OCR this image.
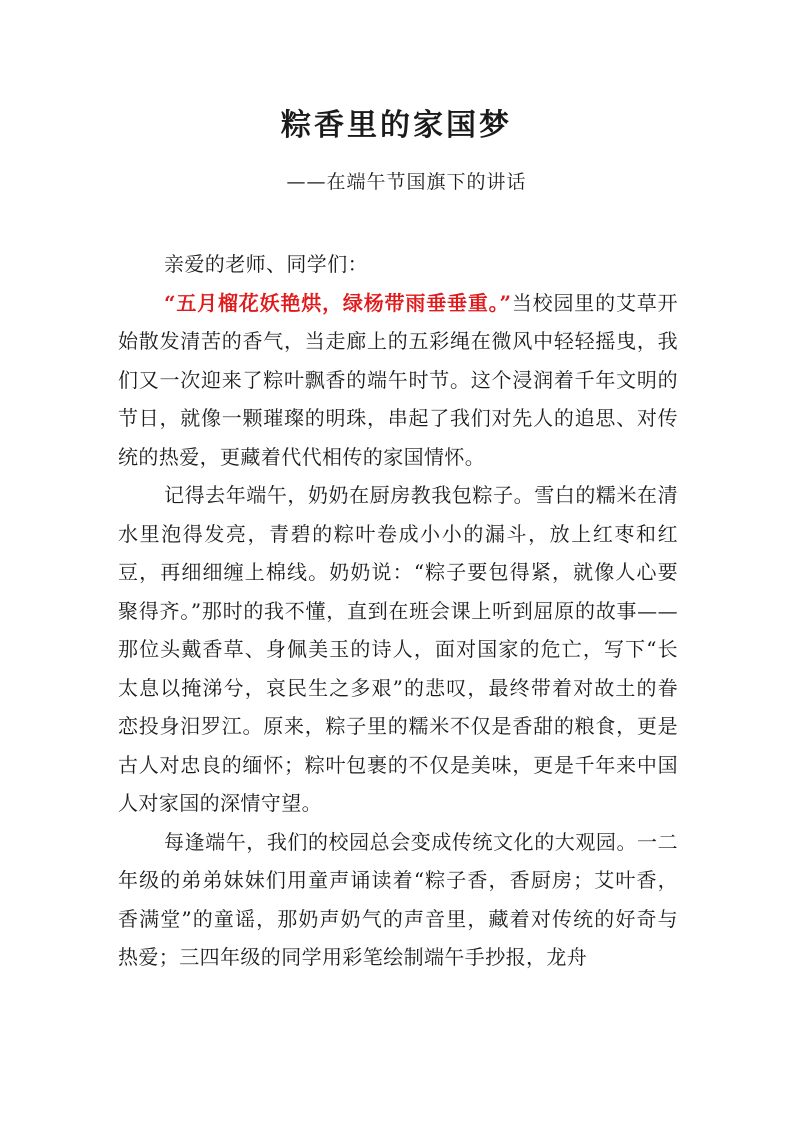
粽香里的家国梦
——在端午节国旗下的讲话

亲爱的老师、同学们：

“五月榴花妖艳烘，绿杨带雨垂垂重。”当校园里的艾草开始散发清苦的香气，当走廊上的五彩绳在微风中轻轻摇曳，我们又一次迎来了粽叶飘香的端午时节。这个浸润着千年文明的节日，就像一颗璀璨的明珠，串起了我们对先人的追思、对传统的热爱，更藏着代代相传的家国情怀。

记得去年端午，奶奶在厨房教我包粽子。雪白的糯米在清水里泡得发亮，青碧的粽叶卷成小小的漏斗，放上红枣和红豆，再细细缠上棉线。奶奶说：“粽子要包得紧，就像人心要聚得齐。”那时的我不懂，直到在班会课上听到屈原的故事——那位头戴香草、身佩美玉的诗人，面对国家的危亡，写下“长太息以掩涕兮，哀民生之多艰”的悲叹，最终带着对故土的眷恋投身汨罗江。原来，粽子里的糯米不仅是香甜的粮食，更是古人对忠良的缅怀；粽叶包裹的不仅是美味，更是千年来中国人对家国的深情守望。

每逢端午，我们的校园总会变成传统文化的大观园。一二年级的弟弟妹妹们用童声诵读着“粽子香，香厨房；艾叶香，香满堂”的童谣，那奶声奶气的声音里，藏着对传统的好奇与热爱；三四年级的同学用彩笔绘制端午手抄报，龙舟
